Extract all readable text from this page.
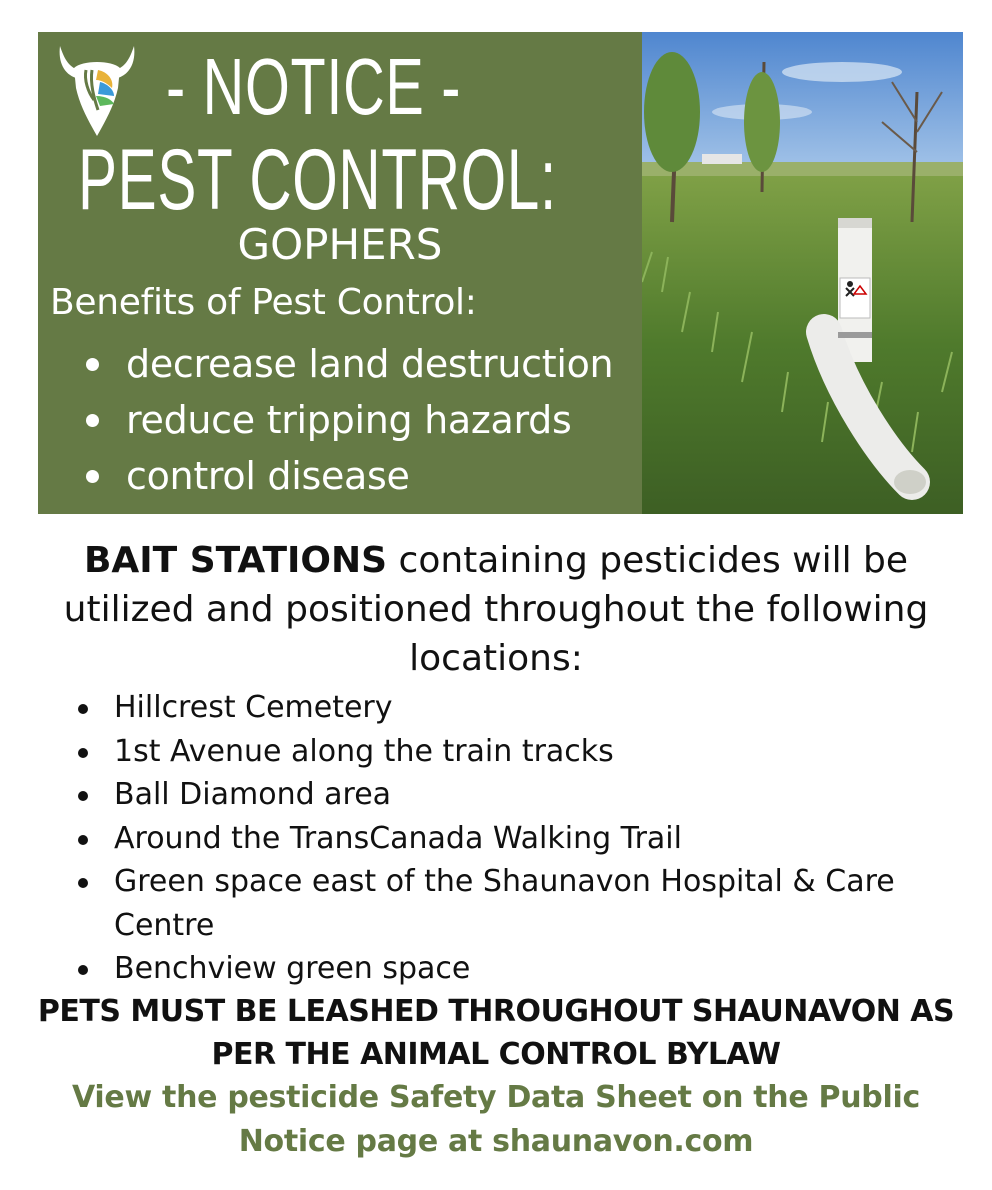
- NOTICE -
PEST CONTROL:
GOPHERS
Benefits of Pest Control:
decrease land destruction
reduce tripping hazards
control disease
BAIT STATIONS containing pesticides will be utilized and positioned throughout the following locations:
Hillcrest Cemetery
1st Avenue along the train tracks
Ball Diamond area
Around the TransCanada Walking Trail
Green space east of the Shaunavon Hospital & Care Centre
Benchview green space
PETS MUST BE LEASHED THROUGHOUT SHAUNAVON AS PER THE ANIMAL CONTROL BYLAW
View the pesticide Safety Data Sheet on the Public Notice page at shaunavon.com
